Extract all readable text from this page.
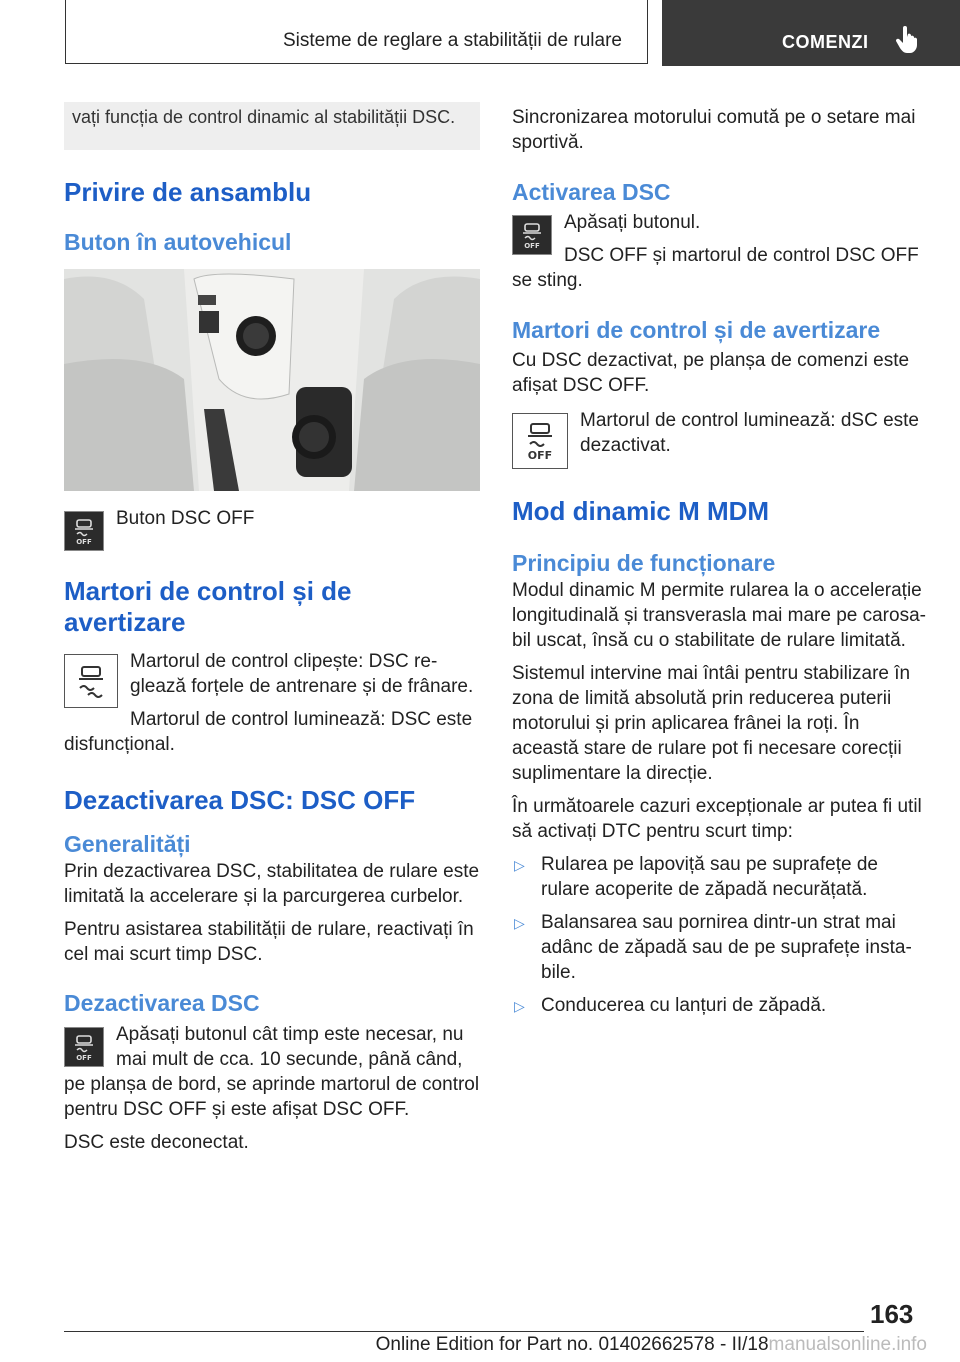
Sisteme de reglare a stabilității de rulare	COMENZI
vați funcția de control dinamic al stabilității DSC.
Privire de ansamblu
Buton în autovehicul
OFF

Buton DSC OFF

Martori de control și de avertizare

Martorul de control clipește: DSC reglează forțele de antrenare și de frânare.

Martorul de control luminează: DSC este disfuncțional.

Dezactivarea DSC: DSC OFF
Generalități

Prin dezactivarea DSC, stabilitatea de rulare este limitată la accelerare și la parcurgerea curbelor.

Pentru asistarea stabilității de rulare, reactivați în cel mai scurt timp DSC.

Dezactivarea DSC
OFF

Apăsați butonul cât timp este necesar, nu mai mult de cca. 10 secunde, până când, pe planșa de bord, se aprinde martorul de control pentru DSC OFF și este afișat DSC OFF.

DSC este deconectat.

Sincronizarea motorului comută pe o setare mai sportivă.

Activarea DSC
OFF

Apăsați butonul.

DSC OFF și martorul de control DSC OFF se sting.

Martori de control și de avertizare

Cu DSC dezactivat, pe planșa de comenzi este afișat DSC OFF.

OFF

Martorul de control luminează: dSC este dezactivat.

Mod dinamic M MDM
Principiu de funcționare

Modul dinamic M permite rularea la o accelerație longitudinală și transverasla mai mare pe carosabil uscat, însă cu o stabilitate de rulare limitată.

Sistemul intervine mai întâi pentru stabilizare în zona de limită absolută prin reducerea puterii motorului și prin aplicarea frânei la roți. În această stare de rulare pot fi necesare corecții suplimentare la direcție.

În următoarele cazuri excepționale ar putea fi util să activați DTC pentru scurt timp:

▷ Rularea pe lapoviță sau pe suprafețe de rulare acoperite de zăpadă necurățată.
▷ Balansarea sau pornirea dintr-un strat mai adânc de zăpadă sau de pe suprafețe instabile.
▷ Conducerea cu lanțuri de zăpadă.
163
Online Edition for Part no. 01402662578 - II/18manualsonline.info
